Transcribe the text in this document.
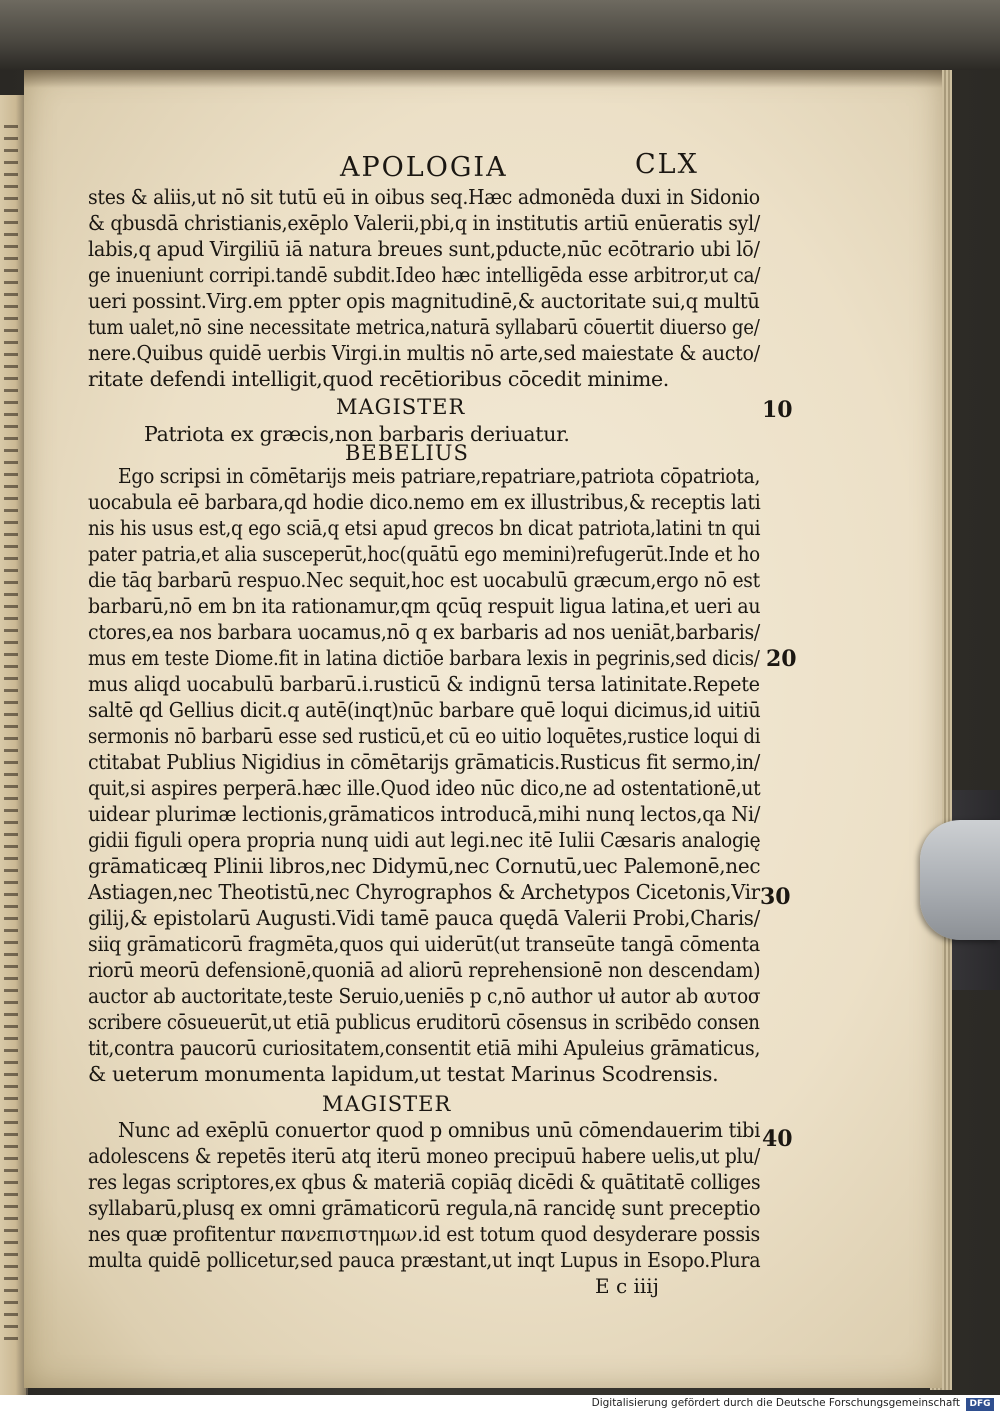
APOLOGIA	CLX
stes & aliis,ut nō sit tutū eū in oibus seq.Hæc admonēda duxi in Sidonio
& qbusdā christianis,exēplo Valerii,pbi,q in institutis artiū enūeratis syl∕
labis,q apud Virgiliū iā natura breues sunt,pducte,nūc ecōtrario ubi lō∕
ge inueniunt corripi.tandē subdit.Ideo hæc intelligēda esse arbitror,ut ca∕
ueri possint.Virg.em ppter opis magnitudinē,& auctoritate sui,q multū
tum ualet,nō sine necessitate metrica,naturā syllabarū cōuertit diuerso ge∕
nere.Quibus quidē uerbis Virgi.in multis nō arte,sed maiestate & aucto∕
ritate defendi intelligit,quod recētioribus cōcedit minime.
MAGISTER	10
Patriota ex græcis,non barbaris deriuatur.
BEBELIUS
Ego scripsi in cōmētarijs meis patriare,repatriare,patriota cōpatriota,
uocabula eē barbara,qd hodie dico.nemo em ex illustribus,& receptis lati
nis his usus est,q ego sciā,q etsi apud grecos bn dicat patriota,latini tn qui
pater patria,et alia susceperūt,hoc(quātū ego memini)refugerūt.Inde et ho
die tāq barbarū respuo.Nec sequit,hoc est uocabulū græcum,ergo nō est
barbarū,nō em bn ita rationamur,qm qcūq respuit ligua latina,et ueri au
ctores,ea nos barbara uocamus,nō q ex barbaris ad nos ueniāt,barbaris∕
mus em teste Diome.fit in latina dictiōe barbara lexis in pegrinis,sed dicis∕ 20
mus aliqd uocabulū barbarū.i.rusticū & indignū tersa latinitate.Repete
saltē qd Gellius dicit.q autē(inqt)nūc barbare quē loqui dicimus,id uitiū
sermonis nō barbarū esse sed rusticū,et cū eo uitio loquētes,rustice loqui di
ctitabat Publius Nigidius in cōmētarijs grāmaticis.Rusticus fit sermo,in∕
quit,si aspires perperā.hæc ille.Quod ideo nūc dico,ne ad ostentationē,ut
uidear plurimæ lectionis,grāmaticos introducā,mihi nunq lectos,qa Ni∕
gidii figuli opera propria nunq uidi aut legi.nec itē Iulii Cæsaris analogię
grāmaticæq Plinii libros,nec Didymū,nec Cornutū,uec Palemonē,nec
Astiagen,nec Theotistū,nec Chyrographos & Archetypos Cicetonis,Vir
gilij,& epistolarū Augusti.Vidi tamē pauca quędā Valerii Probi,Charis∕
30
siiq grāmaticorū fragmēta,quos qui uiderūt(ut transeūte tangā cōmenta
riorū meorū defensionē,quoniā ad aliorū reprehensionē non descendam)
auctor ab auctoritate,teste Seruio,ueniēs p c,nō author uł autor ab αυτοσ
scribere cōsueuerūt,ut etiā publicus eruditorū cōsensus in scribēdo consen
tit,contra paucorū curiositatem,consentit etiā mihi Apuleius grāmaticus,
& ueterum monumenta lapidum,ut testat Marinus Scodrensis.
MAGISTER
Nunc ad exēplū conuertor quod p omnibus unū cōmendauerim tibi
adolescens & repetēs iterū atq iterū moneo precipuū habere uelis,ut plu∕
40
res legas scriptores,ex qbus & materiā copiāq dicēdi & quātitatē colliges
syllabarū,plusq ex omni grāmaticorū regula,nā rancidę sunt preceptio
nes quæ profitentur πανεπιστημων.id est totum quod desyderare possis
multa quidē pollicetur,sed pauca præstant,ut inqt Lupus in Esopo.Plura
E c iiij
Digitalisierung gefördert durch die Deutsche Forschungsgemeinschaft	DFG
